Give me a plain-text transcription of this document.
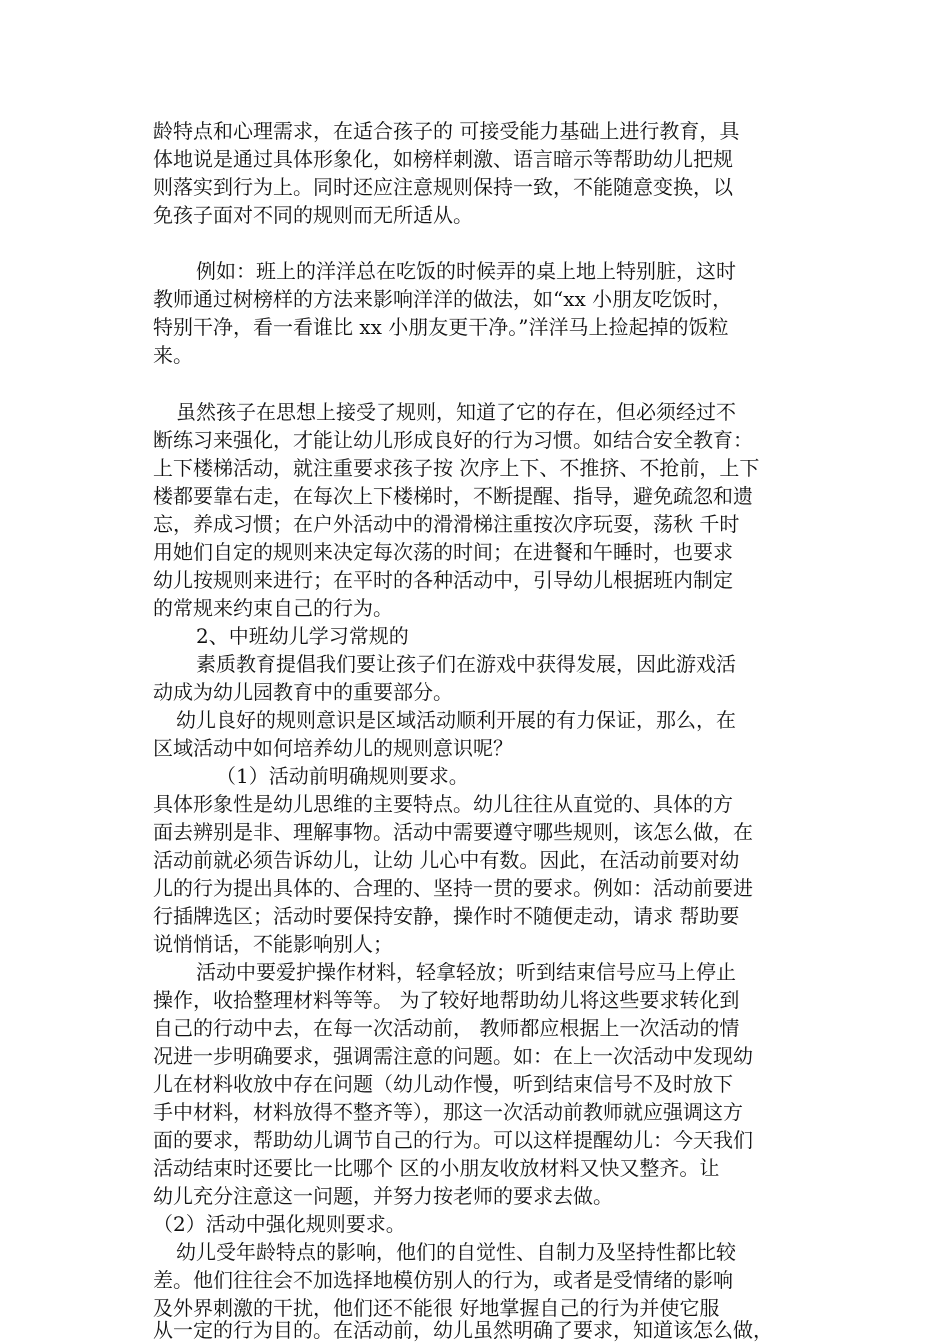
龄特点和心理需求，在适合孩子的 可接受能力基础上进行教育，具
体地说是通过具体形象化，如榜样刺激、语言暗示等帮助幼儿把规
则落实到行为上。同时还应注意规则保持一致，不能随意变换，以
免孩子面对不同的规则而无所适从。
例如：班上的洋洋总在吃饭的时候弄的桌上地上特别脏，这时
教师通过树榜样的方法来影响洋洋的做法，如“xx 小朋友吃饭时，
特别干净，看一看谁比 xx 小朋友更干净。”洋洋马上捡起掉的饭粒
来。
虽然孩子在思想上接受了规则，知道了它的存在，但必须经过不
断练习来强化，才能让幼儿形成良好的行为习惯。如结合安全教育：
上下楼梯活动，就注重要求孩子按 次序上下、不推挤、不抢前，上下
楼都要靠右走，在每次上下楼梯时，不断提醒、指导，避免疏忽和遗
忘，养成习惯；在户外活动中的滑滑梯注重按次序玩耍，荡秋 千时
用她们自定的规则来决定每次荡的时间；在进餐和午睡时，也要求
幼儿按规则来进行；在平时的各种活动中，引导幼儿根据班内制定
的常规来约束自己的行为。
2、中班幼儿学习常规的
素质教育提倡我们要让孩子们在游戏中获得发展，因此游戏活
动成为幼儿园教育中的重要部分。
幼儿良好的规则意识是区域活动顺利开展的有力保证，那么，在
区域活动中如何培养幼儿的规则意识呢？
（1）活动前明确规则要求。
具体形象性是幼儿思维的主要特点。幼儿往往从直觉的、具体的方
面去辨别是非、理解事物。活动中需要遵守哪些规则，该怎么做，在
活动前就必须告诉幼儿，让幼 儿心中有数。因此，在活动前要对幼
儿的行为提出具体的、合理的、坚持一贯的要求。例如：活动前要进
行插牌选区；活动时要保持安静，操作时不随便走动，请求 帮助要
说悄悄话，不能影响别人；
活动中要爱护操作材料，轻拿轻放；听到结束信号应马上停止
操作，收拾整理材料等等。 为了较好地帮助幼儿将这些要求转化到
自己的行动中去，在每一次活动前， 教师都应根据上一次活动的情
况进一步明确要求，强调需注意的问题。如：在上一次活动中发现幼
儿在材料收放中存在问题（幼儿动作慢，听到结束信号不及时放下
手中材料，材料放得不整齐等），那这一次活动前教师就应强调这方
面的要求，帮助幼儿调节自己的行为。可以这样提醒幼儿：今天我们
活动结束时还要比一比哪个 区的小朋友收放材料又快又整齐。让
幼儿充分注意这一问题，并努力按老师的要求去做。
（2）活动中强化规则要求。
幼儿受年龄特点的影响，他们的自觉性、自制力及坚持性都比较
差。他们往往会不加选择地模仿别人的行为，或者是受情绪的影响
及外界刺激的干扰，他们还不能很 好地掌握自己的行为并使它服
从一定的行为目的。在活动前，幼儿虽然明确了要求，知道该怎么做，
